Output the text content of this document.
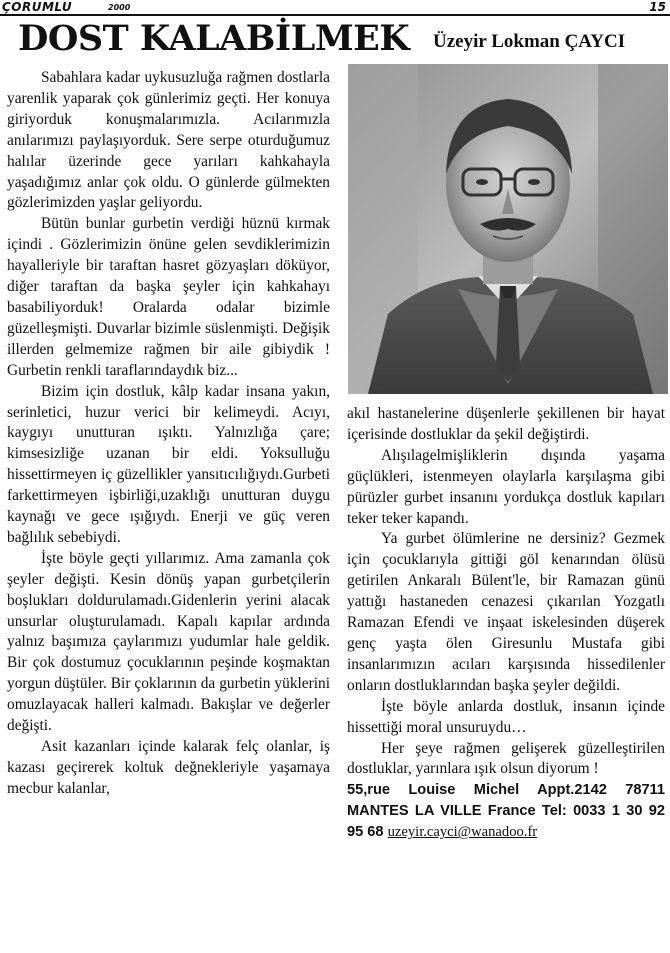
ÇORUMLU	2000	15
DOST KALABİLMEK Üzeyir Lokman ÇAYCI

Sabahlara kadar uykusuzluğa rağmen dostlarla yarenlik yaparak çok günlerimiz geçti. Her konuya giriyorduk konuşmalarımızla. Acılarımızla anılarımızı paylaşıyorduk. Sere serpe oturduğumuz halılar üzerinde gece yarıları kahkahayla yaşadığımız anlar çok oldu. O günlerde gülmekten gözlerimizden yaşlar geliyordu.

Bütün bunlar gurbetin verdiği hüznü kırmak içindi . Gözlerimizin önüne gelen sevdiklerimizin hayalleriyle bir taraftan hasret gözyaşları döküyor, diğer taraftan da başka şeyler için kahkahayı basabiliyorduk! Oralarda odalar bizimle güzelleşmişti. Duvarlar bizimle süslenmişti. Değişik illerden gelmemize rağmen bir aile gibiydik ! Gurbetin renkli taraflarındaydık biz...

Bizim için dostluk, kâlp kadar insana yakın, serinletici, huzur verici bir kelimeydi. Acıyı, kaygıyı unutturan ışıktı. Yalnızlığa çare; kimsesizliğe uzanan bir eldi. Yoksulluğu hissettirmeyen iç güzellikler yansıtıcılığıydı.Gurbeti farkettirmeyen işbirliği,uzaklığı unutturan duygu kaynağı ve gece ışığıydı. Enerji ve güç veren bağlılık sebebiydi.

İşte böyle geçti yıllarımız. Ama zamanla çok şeyler değişti. Kesin dönüş yapan gurbetçilerin boşlukları doldurulamadı.Gidenlerin yerini alacak unsurlar oluşturulamadı. Kapalı kapılar ardında yalnız başımıza çaylarımızı yudumlar hale geldik. Bir çok dostumuz çocuklarının peşinde koşmaktan yorgun düştüler. Bir çoklarının da gurbetin yüklerini omuzlayacak halleri kalmadı. Bakışlar ve değerler değişti.

Asit kazanları içinde kalarak felç olanlar, iş kazası geçirerek koltuk değnekleriyle yaşamaya mecbur kalanlar,

akıl hastanelerine düşenlerle şekillenen bir hayat içerisinde dostluklar da şekil değiştirdi.

Alışılagelmişliklerin dışında yaşama güçlükleri, istenmeyen olaylarla karşılaşma gibi pürüzler gurbet insanını yordukça dostluk kapıları teker teker kapandı.

Ya gurbet ölümlerine ne dersiniz? Gezmek için çocuklarıyla gittiği göl kenarından ölüsü getirilen Ankaralı Bülent'le, bir Ramazan günü yattığı hastaneden cenazesi çıkarılan Yozgatlı Ramazan Efendi ve inşaat iskelesinden düşerek genç yaşta ölen Giresunlu Mustafa gibi insanlarımızın acıları karşısında hissedilenler onların dostluklarından başka şeyler değildi.

İşte böyle anlarda dostluk, insanın içinde hissettiği moral unsuruydu…

Her şeye rağmen gelişerek güzelleştirilen dostluklar, yarınlara ışık olsun diyorum !

55,rue Louise Michel Appt.2142 78711 MANTES LA VILLE France Tel: 0033 1 30 92 95 68 uzeyir.cayci@wanadoo.fr
